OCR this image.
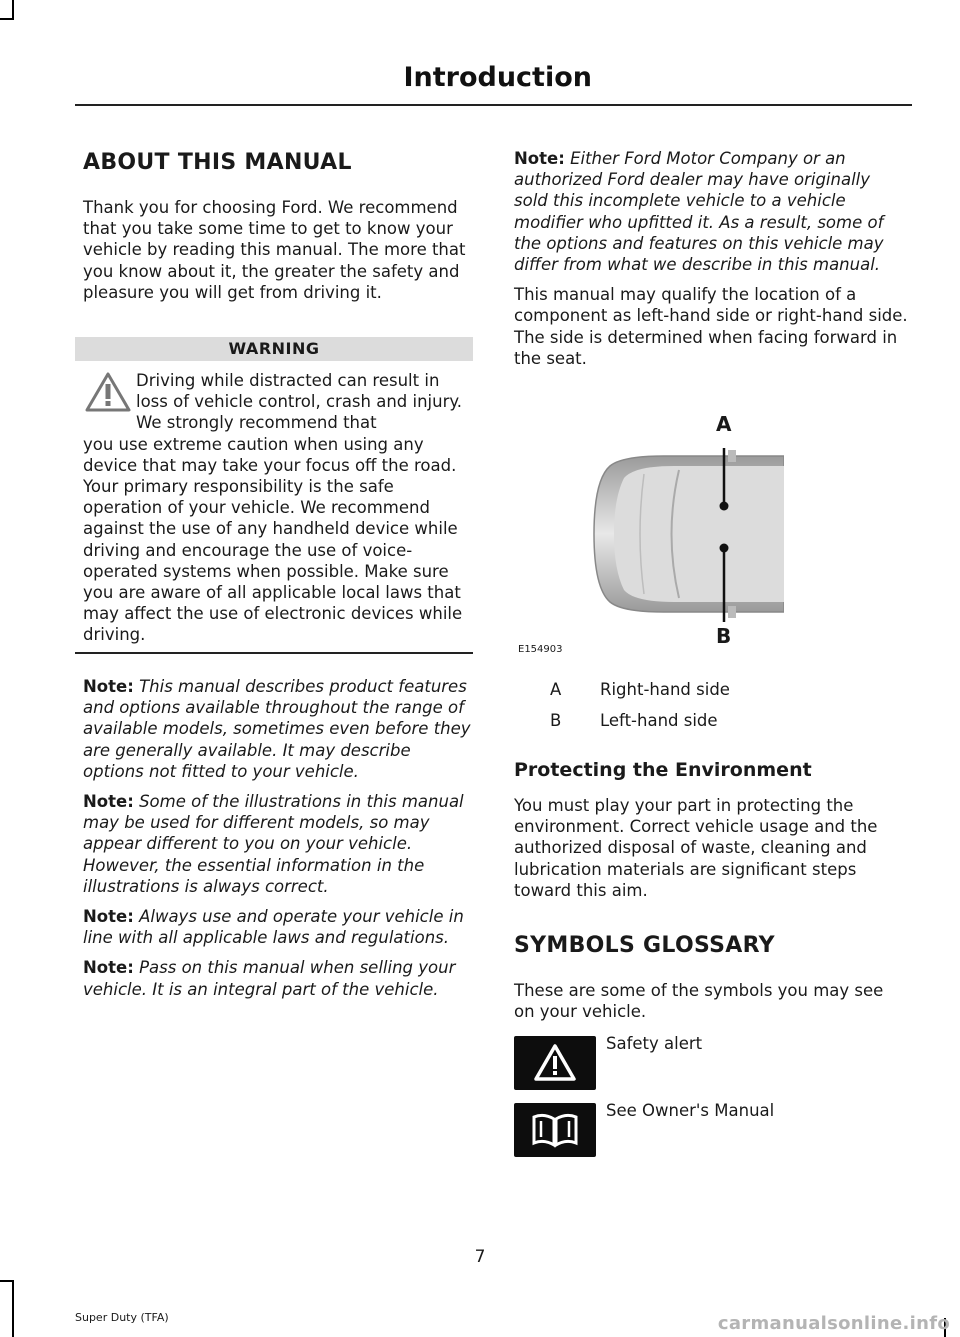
Introduction
ABOUT THIS MANUAL

Thank you for choosing Ford. We recommend that you take some time to get to know your vehicle by reading this manual. The more that you know about it, the greater the safety and pleasure you will get from driving it.

WARNING

Driving while distracted can result in loss of vehicle control, crash and injury. We strongly recommend that

you use extreme caution when using any device that may take your focus off the road. Your primary responsibility is the safe operation of your vehicle. We recommend against the use of any handheld device while driving and encourage the use of voice-operated systems when possible. Make sure you are aware of all applicable local laws that may affect the use of electronic devices while driving.

Note: This manual describes product features and options available throughout the range of available models, sometimes even before they are generally available. It may describe options not fitted to your vehicle.

Note: Some of the illustrations in this manual may be used for different models, so may appear different to you on your vehicle. However, the essential information in the illustrations is always correct.

Note: Always use and operate your vehicle in line with all applicable laws and regulations.

Note: Pass on this manual when selling your vehicle. It is an integral part of the vehicle.

Note: Either Ford Motor Company or an authorized Ford dealer may have originally sold this incomplete vehicle to a vehicle modifier who upfitted it. As a result, some of the options and features on this vehicle may differ from what we describe in this manual.

This manual may qualify the location of a component as left-hand side or right-hand side. The side is determined when facing forward in the seat.

A
B
E154903
A Right-hand side
B Left-hand side
Protecting the Environment

You must play your part in protecting the environment. Correct vehicle usage and the authorized disposal of waste, cleaning and lubrication materials are significant steps toward this aim.

SYMBOLS GLOSSARY

These are some of the symbols you may see on your vehicle.

Safety alert
See Owner's Manual
7
Super Duty (TFA)	carmanualsonline.info
